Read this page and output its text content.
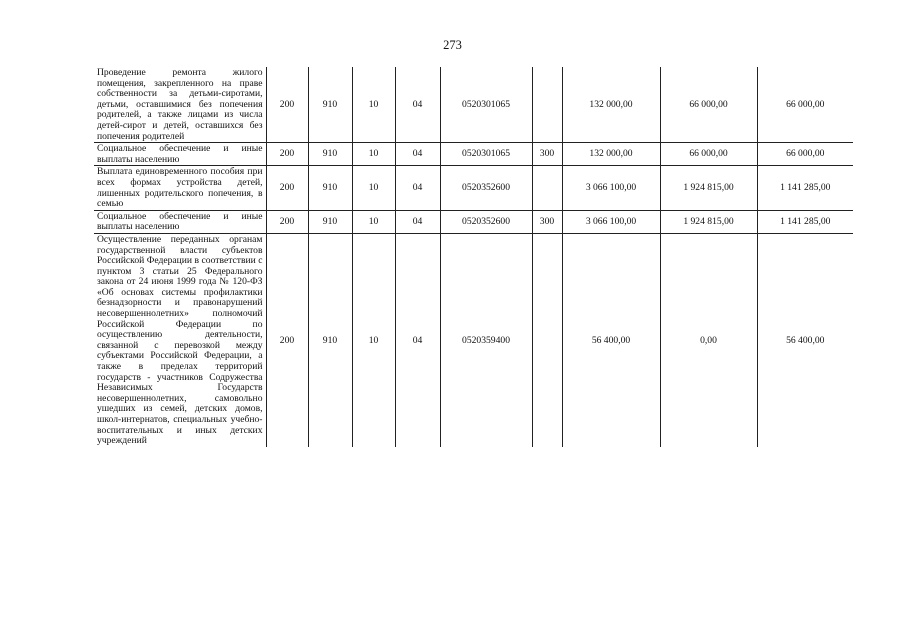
273
Проведение ремонта жилого помещения, закрепленного на праве собственности за детьми-сиротами, детьми, оставшимися без попечения родителей, а также лицами из числа детей-сирот и детей, оставшихся без попечения родителей	200	910	10	04	0520301065		132 000,00	66 000,00	66 000,00
Социальное обеспечение и иные выплаты населению	200	910	10	04	0520301065	300	132 000,00	66 000,00	66 000,00
Выплата единовременного пособия при всех формах устройства детей, лишенных родительского попечения, в семью	200	910	10	04	0520352600		3 066 100,00	1 924 815,00	1 141 285,00
Социальное обеспечение и иные выплаты населению	200	910	10	04	0520352600	300	3 066 100,00	1 924 815,00	1 141 285,00
Осуществление переданных органам государственной власти субъектов Российской Федерации в соответствии с пунктом 3 статьи 25 Федерального закона от 24 июня 1999 года № 120-ФЗ «Об основах системы профилактики безнадзорности и правонарушений несовершеннолетних» полномочий Российской Федерации по осуществлению деятельности, связанной с перевозкой между субъектами Российской Федерации, а также в пределах территорий государств - участников Содружества Независимых Государств несовершеннолетних, самовольно ушедших из семей, детских домов, школ-интернатов, специальных учебно-воспитательных и иных детских учреждений	200	910	10	04	0520359400		56 400,00	0,00	56 400,00
